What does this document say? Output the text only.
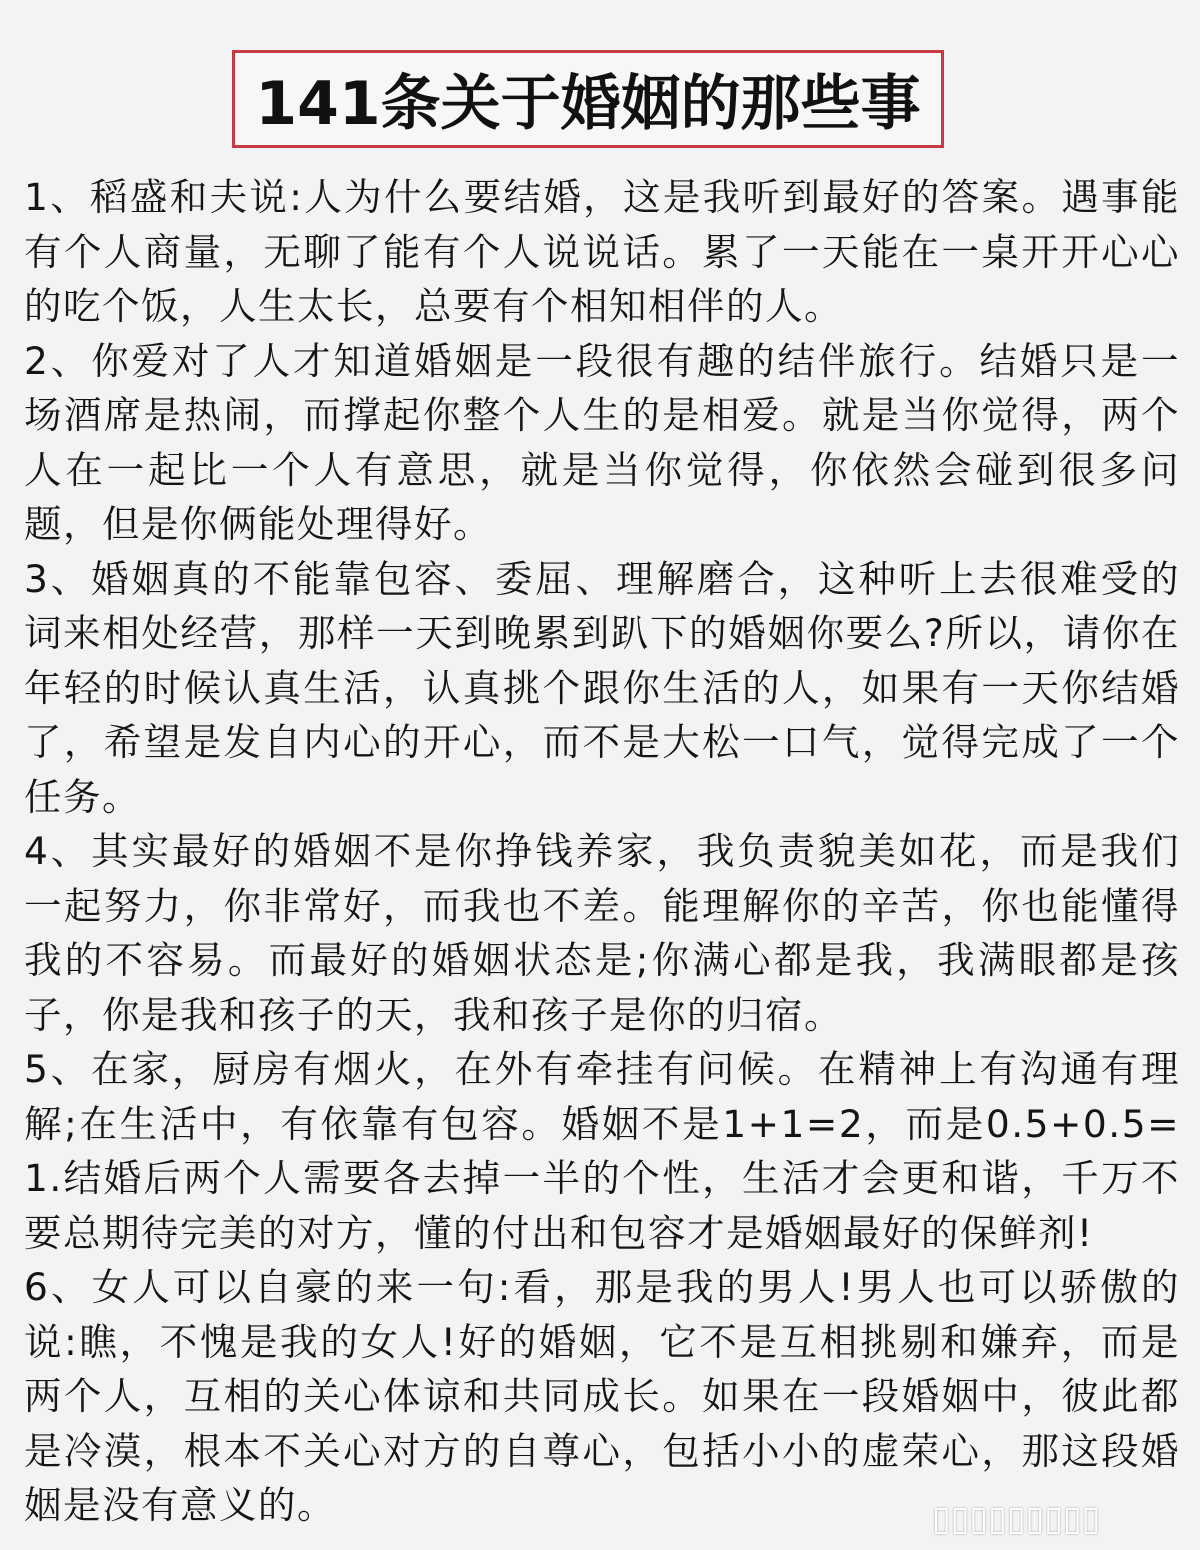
141条关于婚姻的那些事

1、稻盛和夫说:人为什么要结婚，这是我听到最好的答案。遇事能有个人商量，无聊了能有个人说说话。累了一天能在一桌开开心心的吃个饭，人生太长，总要有个相知相伴的人。

2、你爱对了人才知道婚姻是一段很有趣的结伴旅行。结婚只是一场酒席是热闹，而撑起你整个人生的是相爱。就是当你觉得，两个人在一起比一个人有意思，就是当你觉得，你依然会碰到很多问题，但是你俩能处理得好。

3、婚姻真的不能靠包容、委屈、理解磨合，这种听上去很难受的词来相处经营，那样一天到晚累到趴下的婚姻你要么?所以，请你在年轻的时候认真生活，认真挑个跟你生活的人，如果有一天你结婚了，希望是发自内心的开心，而不是大松一口气，觉得完成了一个任务。

4、其实最好的婚姻不是你挣钱养家，我负责貌美如花，而是我们一起努力，你非常好，而我也不差。能理解你的辛苦，你也能懂得我的不容易。而最好的婚姻状态是;你满心都是我，我满眼都是孩子，你是我和孩子的天，我和孩子是你的归宿。

5、在家，厨房有烟火，在外有牵挂有问候。在精神上有沟通有理解;在生活中，有依靠有包容。婚姻不是1+1=2，而是0.5+0.5=1.结婚后两个人需要各去掉一半的个性，生活才会更和谐，千万不要总期待完美的对方，懂的付出和包容才是婚姻最好的保鲜剂!

6、女人可以自豪的来一句:看，那是我的男人!男人也可以骄傲的说:瞧，不愧是我的女人!好的婚姻，它不是互相挑剔和嫌弃，而是两个人，互相的关心体谅和共同成长。如果在一段婚姻中，彼此都是冷漠，根本不关心对方的自尊心，包括小小的虚荣心，那这段婚姻是没有意义的。	▯▯▯▯▯▯▯▯▯
